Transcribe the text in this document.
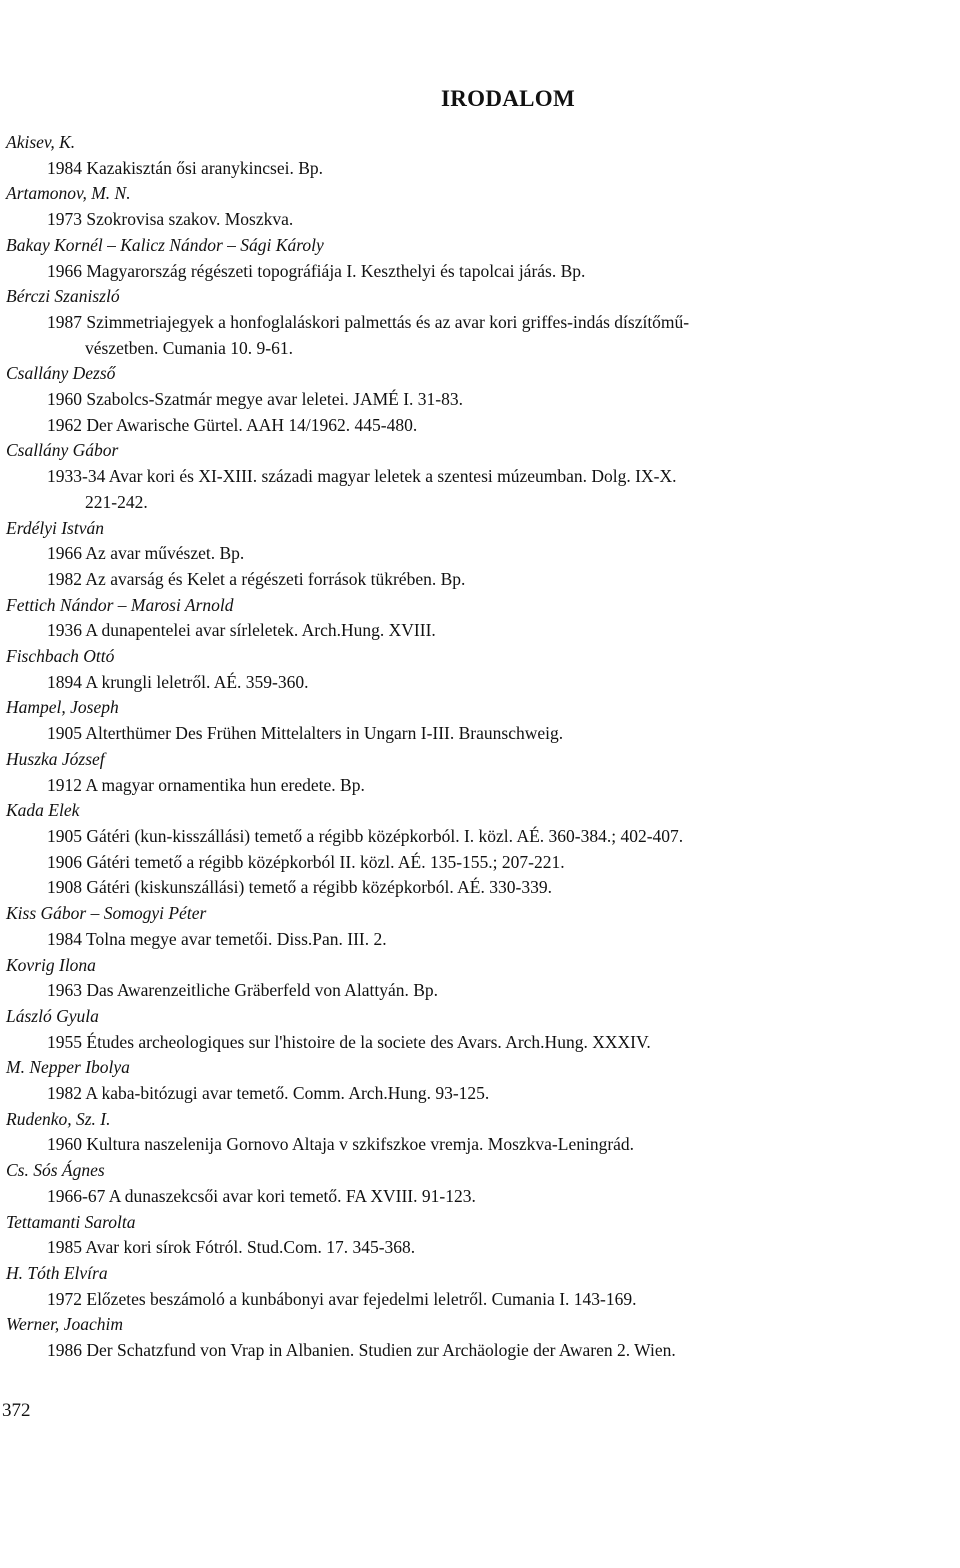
IRODALOM
Akisev, K.
1984 Kazakisztán ősi aranykincsei. Bp.
Artamonov, M. N.
1973 Szokrovisa szakov. Moszkva.
Bakay Kornél – Kalicz Nándor – Sági Károly
1966 Magyarország régészeti topográfiája I. Keszthelyi és tapolcai járás. Bp.
Bérczi Szaniszló
1987 Szimmetriajegyek a honfoglaláskori palmettás és az avar kori griffes-indás díszítőmű-
vészetben. Cumania 10. 9-61.
Csallány Dezső
1960 Szabolcs-Szatmár megye avar leletei. JAMÉ I. 31-83.
1962 Der Awarische Gürtel. AAH 14/1962. 445-480.
Csallány Gábor
1933-34 Avar kori és XI-XIII. századi magyar leletek a szentesi múzeumban. Dolg. IX-X.
221-242.
Erdélyi István
1966 Az avar művészet. Bp.
1982 Az avarság és Kelet a régészeti források tükrében. Bp.
Fettich Nándor – Marosi Arnold
1936 A dunapentelei avar sírleletek. Arch.Hung. XVIII.
Fischbach Ottó
1894 A krungli leletről. AÉ. 359-360.
Hampel, Joseph
1905 Alterthümer Des Frühen Mittelalters in Ungarn I-III. Braunschweig.
Huszka József
1912 A magyar ornamentika hun eredete. Bp.
Kada Elek
1905 Gátéri (kun-kisszállási) temető a régibb középkorból. I. közl. AÉ. 360-384.; 402-407.
1906 Gátéri temető a régibb középkorból II. közl. AÉ. 135-155.; 207-221.
1908 Gátéri (kiskunszállási) temető a régibb középkorból. AÉ. 330-339.
Kiss Gábor – Somogyi Péter
1984 Tolna megye avar temetői. Diss.Pan. III. 2.
Kovrig Ilona
1963 Das Awarenzeitliche Gräberfeld von Alattyán. Bp.
László Gyula
1955 Études archeologiques sur l'histoire de la societe des Avars. Arch.Hung. XXXIV.
M. Nepper Ibolya
1982 A kaba-bitózugi avar temető. Comm. Arch.Hung. 93-125.
Rudenko, Sz. I.
1960 Kultura naszelenija Gornovo Altaja v szkifszkoe vremja. Moszkva-Leningrád.
Cs. Sós Ágnes
1966-67 A dunaszekcsői avar kori temető. FA XVIII. 91-123.
Tettamanti Sarolta
1985 Avar kori sírok Fótról. Stud.Com. 17. 345-368.
H. Tóth Elvíra
1972 Előzetes beszámoló a kunbábonyi avar fejedelmi leletről. Cumania I. 143-169.
Werner, Joachim
1986 Der Schatzfund von Vrap in Albanien. Studien zur Archäologie der Awaren 2. Wien.
372
